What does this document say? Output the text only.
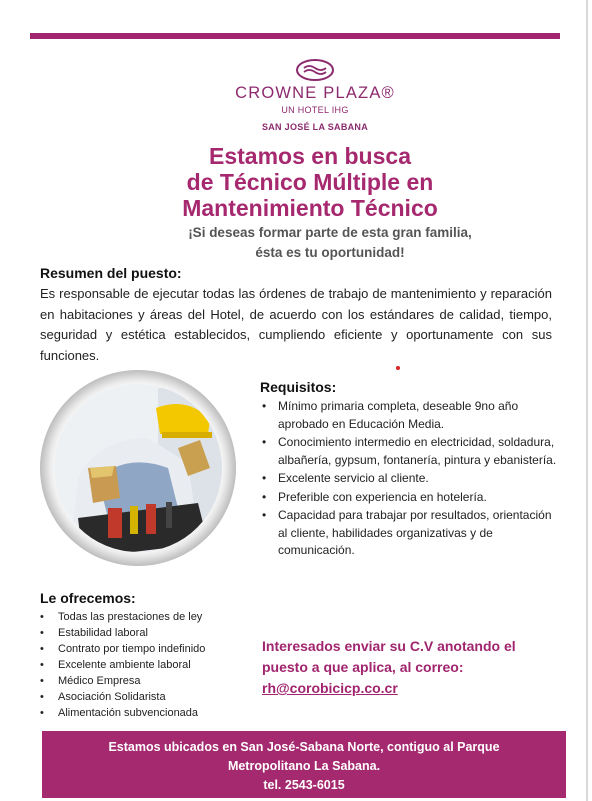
CROWNE PLAZA®
UN HOTEL IHG
SAN JOSÉ LA SABANA
Estamos en busca
de Técnico Múltiple en
Mantenimiento Técnico
¡Si deseas formar parte de esta gran familia,
ésta es tu oportunidad!
Resumen del puesto:

Es responsable de ejecutar todas las órdenes de trabajo de mantenimiento y reparación en habitaciones y áreas del Hotel, de acuerdo con los estándares de calidad, tiempo, seguridad y estética establecidos, cumpliendo eficiente y oportunamente con sus funciones.

Requisitos:
• Mínimo primaria completa, deseable 9no año aprobado en Educación Media.
• Conocimiento intermedio en electricidad, soldadura, albañería, gypsum, fontanería, pintura y ebanistería.
• Excelente servicio al cliente.
• Preferible con experiencia en hotelería.
• Capacidad para trabajar por resultados, orientación al cliente, habilidades organizativas y de comunicación.
Le ofrecemos:
• Todas las prestaciones de ley
• Estabilidad laboral
• Contrato por tiempo indefinido
• Excelente ambiente laboral
• Médico Empresa
• Asociación Solidarista
• Alimentación subvencionada
Interesados enviar su C.V anotando el
puesto a que aplica, al correo:
rh@corobicicp.co.cr
Estamos ubicados en San José-Sabana Norte, contiguo al Parque
Metropolitano La Sabana.
tel. 2543-6015
